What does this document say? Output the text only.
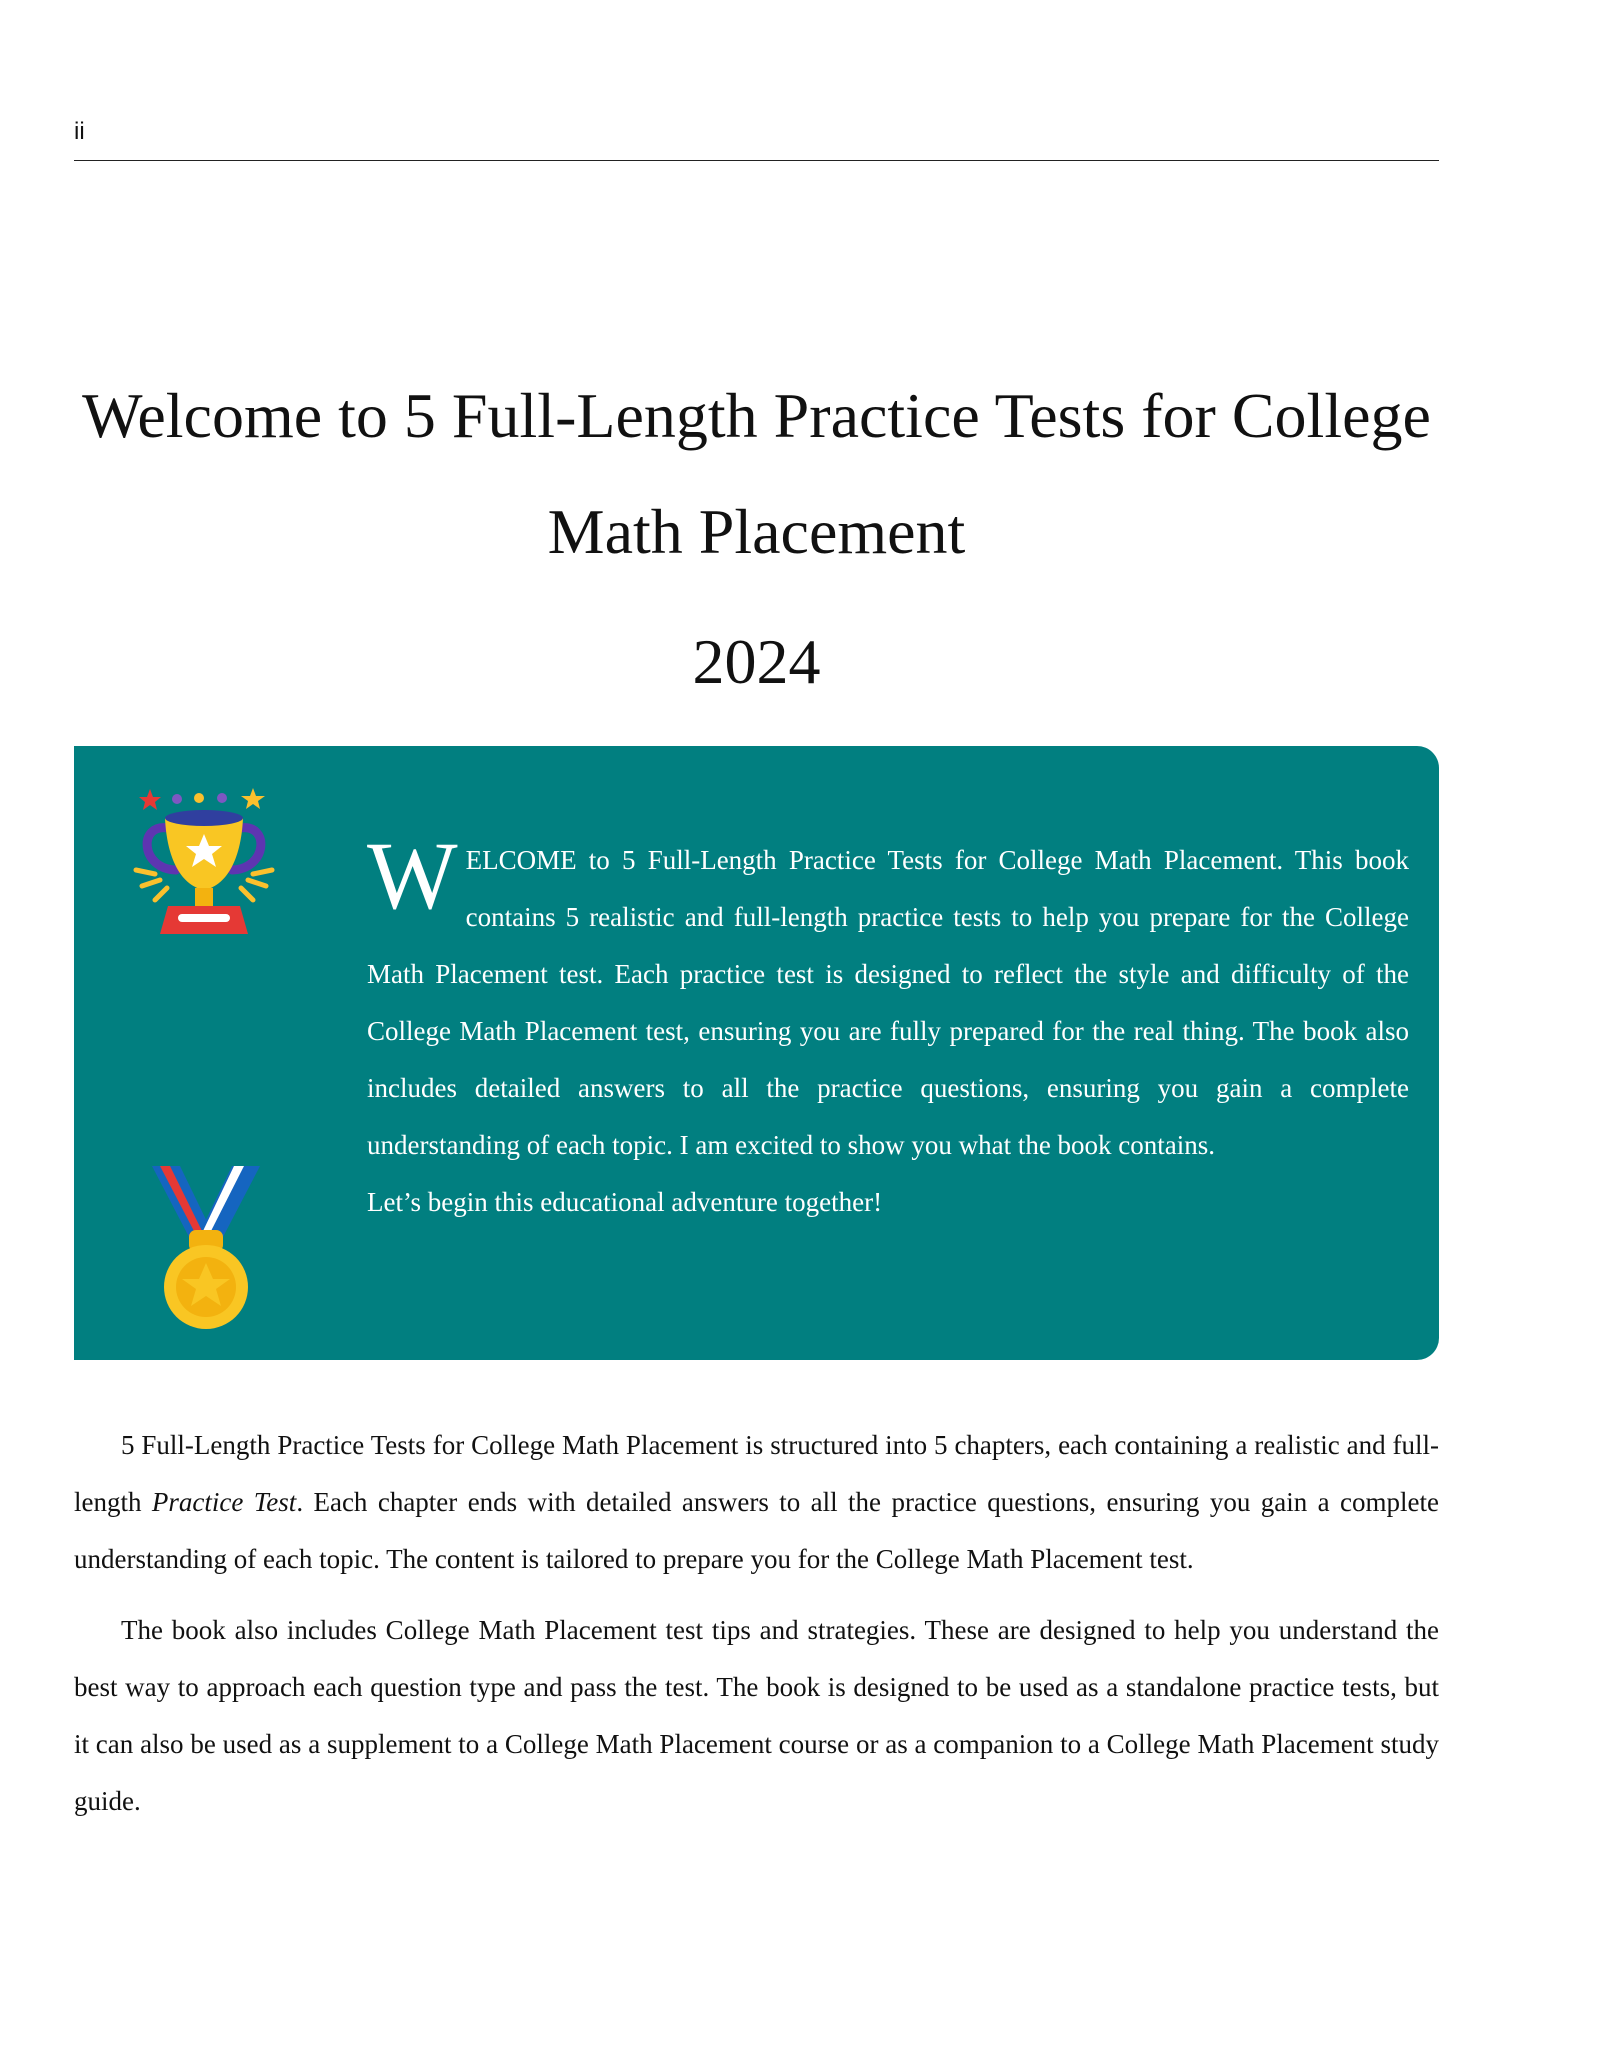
ii
Welcome to 5 Full-Length Practice Tests for College
Math Placement
2024
WELCOME to 5 Full-Length Practice Tests for College Math Placement. This book contains 5 realistic and full-length practice tests to help you prepare for the College Math Placement test. Each practice test is designed to reflect the style and difficulty of the College Math Placement test, ensuring you are fully prepared for the real thing. The book also includes detailed answers to all the practice questions, ensuring you gain a complete understanding of each topic. I am excited to show you what the book contains.
Let’s begin this educational adventure together!

5 Full-Length Practice Tests for College Math Placement is structured into 5 chapters, each containing a realistic and full-length Practice Test. Each chapter ends with detailed answers to all the practice questions, ensuring you gain a complete understanding of each topic. The content is tailored to prepare you for the College Math Placement test.

The book also includes College Math Placement test tips and strategies. These are designed to help you understand the best way to approach each question type and pass the test. The book is designed to be used as a standalone practice tests, but it can also be used as a supplement to a College Math Placement course or as a companion to a College Math Placement study guide.
